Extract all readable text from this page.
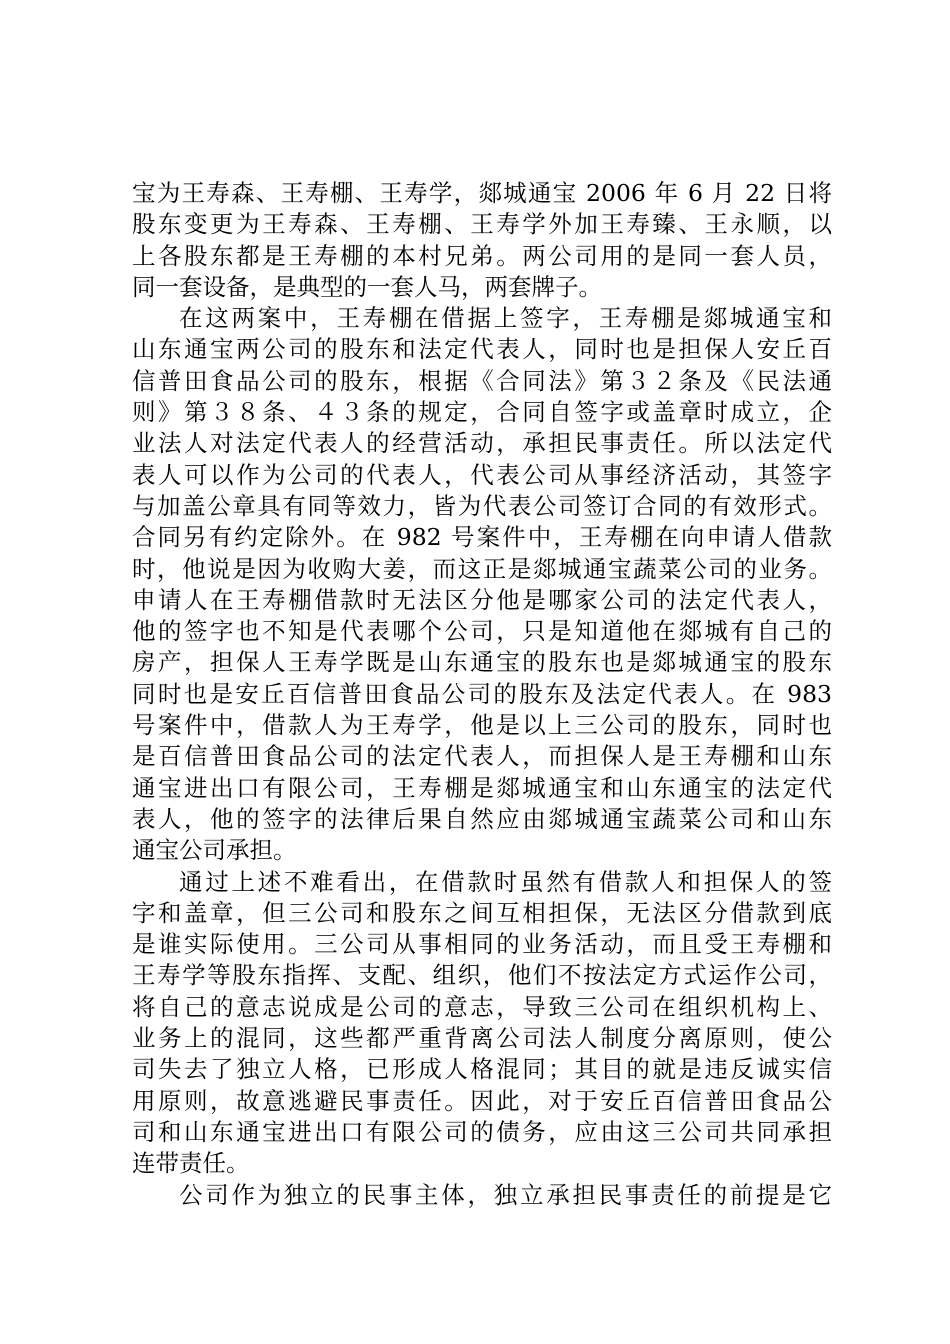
宝为王寿森、王寿棚、王寿学，郯城通宝 2006 年 6 月 22 日将
股东变更为王寿森、王寿棚、王寿学外加王寿臻、王永顺，以
上各股东都是王寿棚的本村兄弟。两公司用的是同一套人员，
同一套设备，是典型的一套人马，两套牌子。
在这两案中，王寿棚在借据上签字，王寿棚是郯城通宝和
山东通宝两公司的股东和法定代表人，同时也是担保人安丘百
信普田食品公司的股东，根据《合同法》第３２条及《民法通
则》第３８条、４３条的规定，合同自签字或盖章时成立，企
业法人对法定代表人的经营活动，承担民事责任。所以法定代
表人可以作为公司的代表人，代表公司从事经济活动，其签字
与加盖公章具有同等效力，皆为代表公司签订合同的有效形式。
合同另有约定除外。在 982 号案件中，王寿棚在向申请人借款
时，他说是因为收购大姜，而这正是郯城通宝蔬菜公司的业务。
申请人在王寿棚借款时无法区分他是哪家公司的法定代表人，
他的签字也不知是代表哪个公司，只是知道他在郯城有自己的
房产，担保人王寿学既是山东通宝的股东也是郯城通宝的股东
同时也是安丘百信普田食品公司的股东及法定代表人。在 983
号案件中，借款人为王寿学，他是以上三公司的股东，同时也
是百信普田食品公司的法定代表人，而担保人是王寿棚和山东
通宝进出口有限公司，王寿棚是郯城通宝和山东通宝的法定代
表人，他的签字的法律后果自然应由郯城通宝蔬菜公司和山东
通宝公司承担。
通过上述不难看出，在借款时虽然有借款人和担保人的签
字和盖章，但三公司和股东之间互相担保，无法区分借款到底
是谁实际使用。三公司从事相同的业务活动，而且受王寿棚和
王寿学等股东指挥、支配、组织，他们不按法定方式运作公司，
将自己的意志说成是公司的意志，导致三公司在组织机构上、
业务上的混同，这些都严重背离公司法人制度分离原则，使公
司失去了独立人格，已形成人格混同；其目的就是违反诚实信
用原则，故意逃避民事责任。因此，对于安丘百信普田食品公
司和山东通宝进出口有限公司的债务，应由这三公司共同承担
连带责任。
公司作为独立的民事主体，独立承担民事责任的前提是它
